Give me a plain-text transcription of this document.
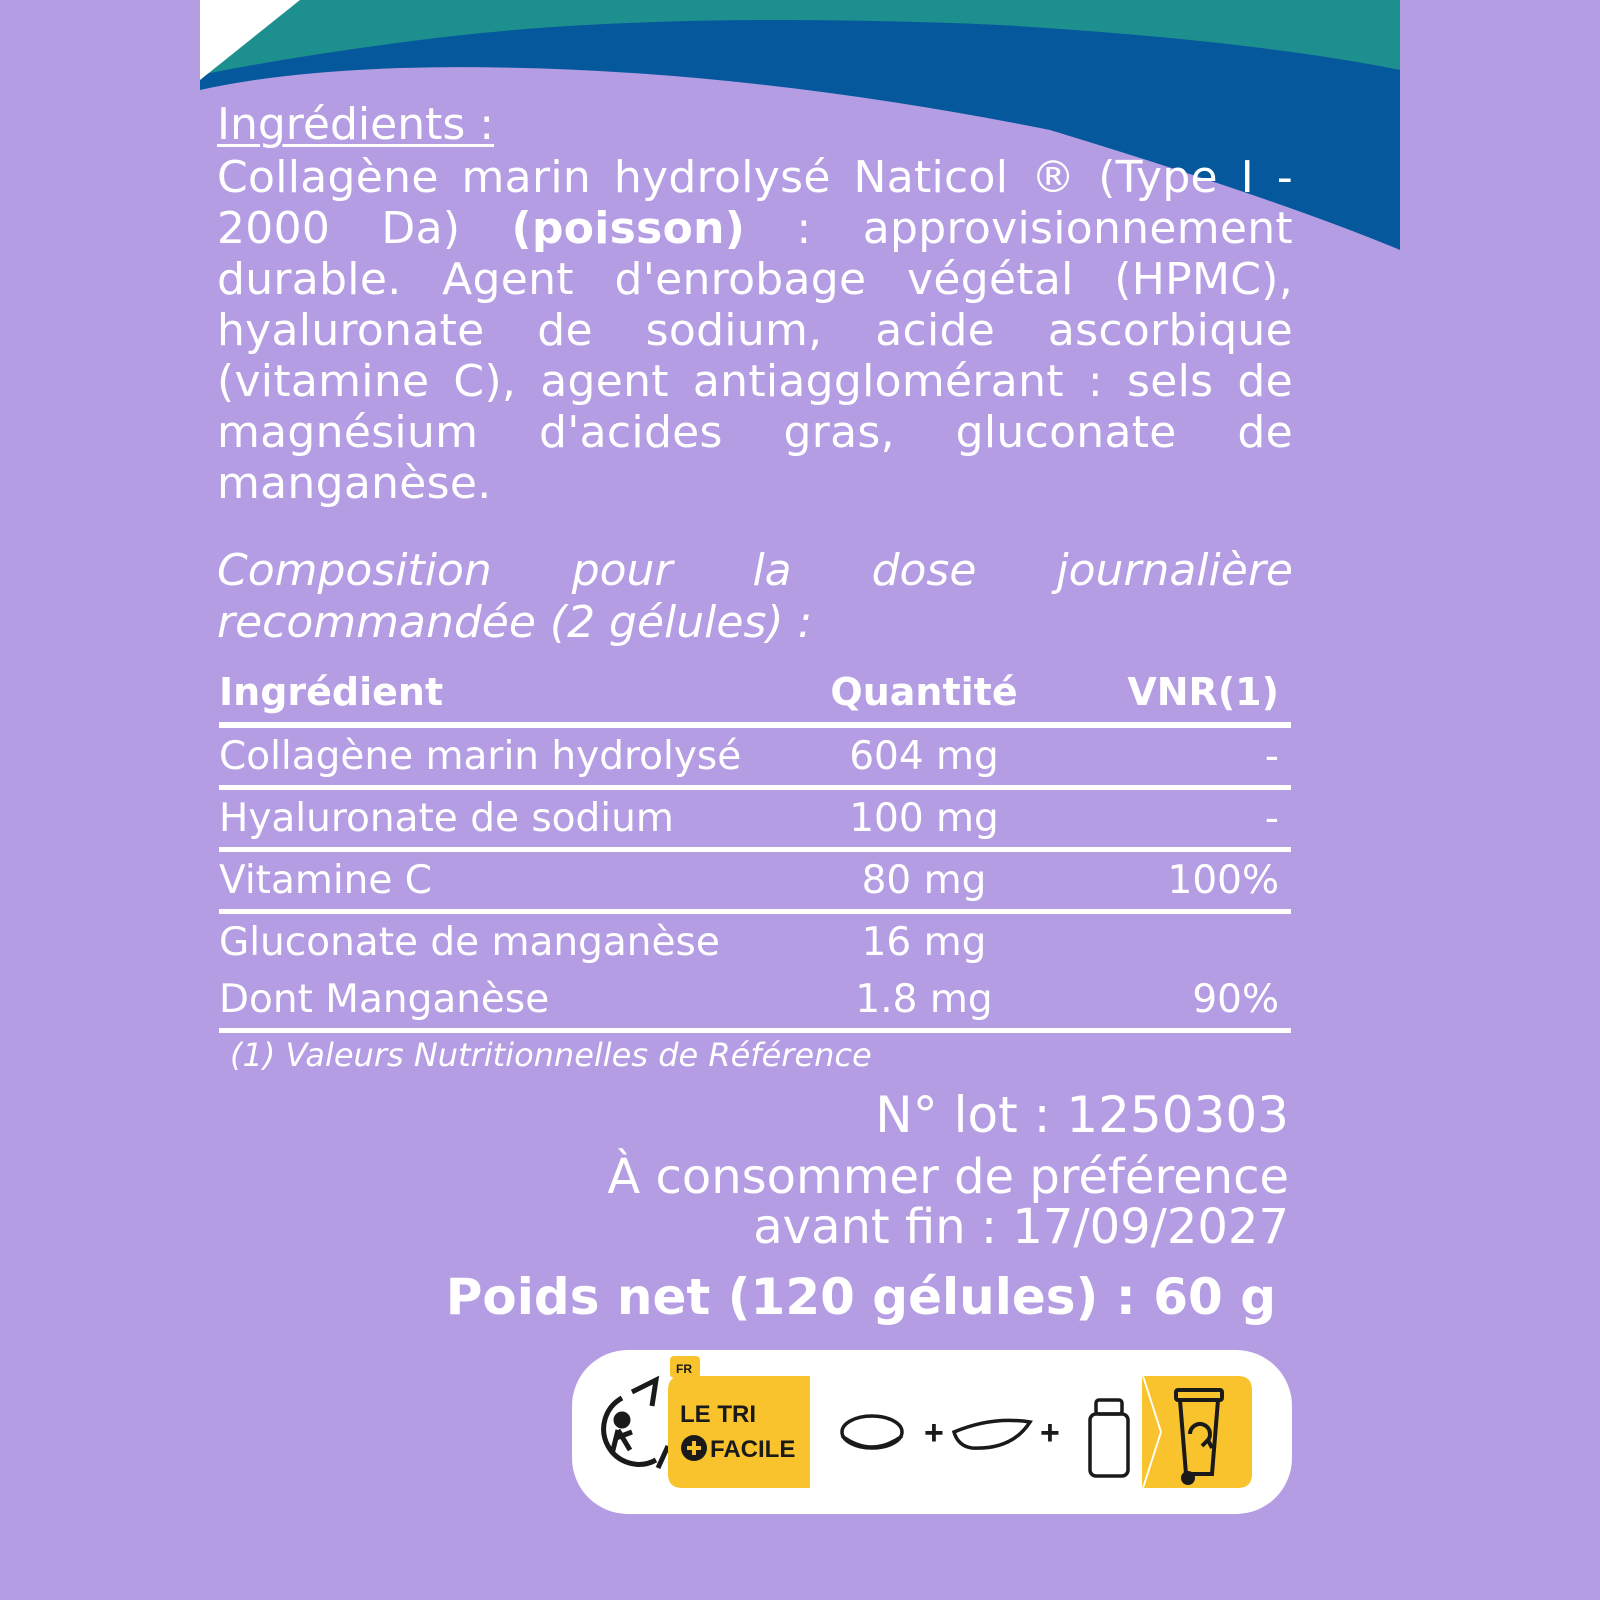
Ingrédients :
Collagène marin hydrolysé Naticol ® (Type I - 2000 Da) (poisson) : approvisionnement durable. Agent d'enrobage végétal (HPMC), hyaluronate de sodium, acide ascorbique (vitamine C), agent antiagglomérant : sels de magnésium d'acides gras, gluconate de manganèse.
Composition pour la dose journalière recommandée (2 gélules) :
Ingrédient	Quantité	VNR(1)
Collagène marin hydrolysé	604 mg	-
Hyaluronate de sodium	100 mg	-
Vitamine C	80 mg	100%
Gluconate de manganèse	16 mg	
Dont Manganèse	1.8 mg	90%
(1) Valeurs Nutritionnelles de Référence
N° lot : 1250303
À consommer de préférence
avant fin : 17/09/2027
Poids net (120 gélules) : 60 g
FR
LE TRI
FACILE	+	+
